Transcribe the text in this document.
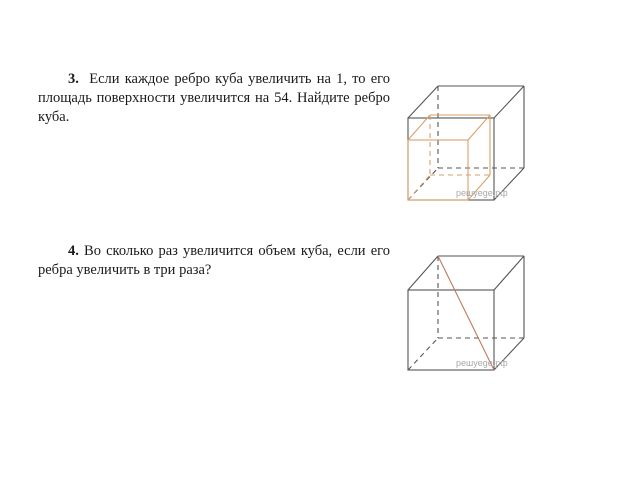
3. Если каждое ребро куба увеличить на 1, то его площадь поверхности увеличится на 54. Найдите ребро куба.

решуege.рф

4. Во сколько раз увеличится объем куба, если его ребра увеличить в три раза?

решуege.рф
